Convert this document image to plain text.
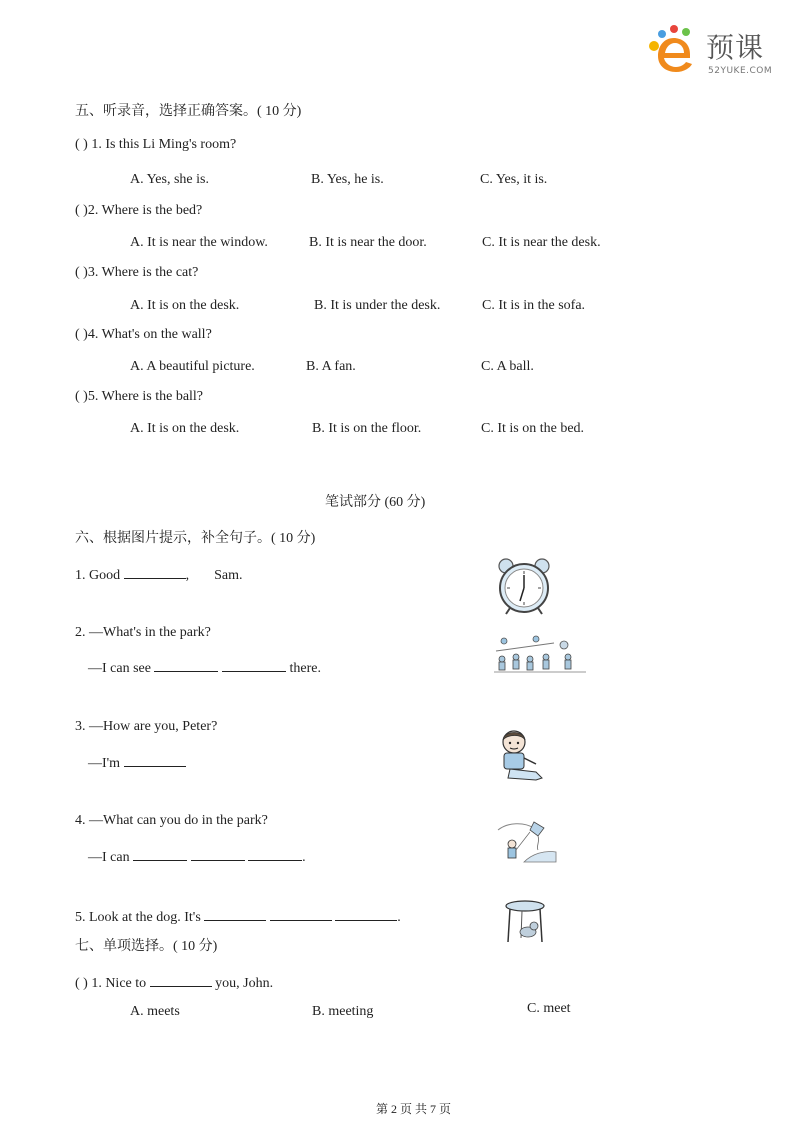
预课
52YUKE.COM
五、听录音，选择正确答案。( 10 分)
( ) 1. Is this Li Ming's room?
A. Yes, she is.	B. Yes, he is.	C. Yes, it is.
( )2. Where is the bed?
A. It is near the window.	B. It is near the door.	C. It is near the desk.
( )3. Where is the cat?
A. It is on the desk.	B. It is under the desk.	C. It is in the sofa.
( )4. What's on the wall?
A. A beautiful picture.	B. A fan.	C. A ball.
( )5. Where is the ball?
A. It is on the desk.	B. It is on the floor.	C. It is on the bed.
笔试部分 (60 分)
六、根据图片提示，补全句子。( 10 分)
1. Good	, Sam.
2. —What's in the park?
—I can see	there.
3. —How are you, Peter?
—I'm
4. —What can you do in the park?
—I can	.
5. Look at the dog. It's	.
七、单项选择。( 10 分)
( ) 1. Nice to	you, John.
A. meets	B. meeting	C. meet
第 2 页 共 7 页
